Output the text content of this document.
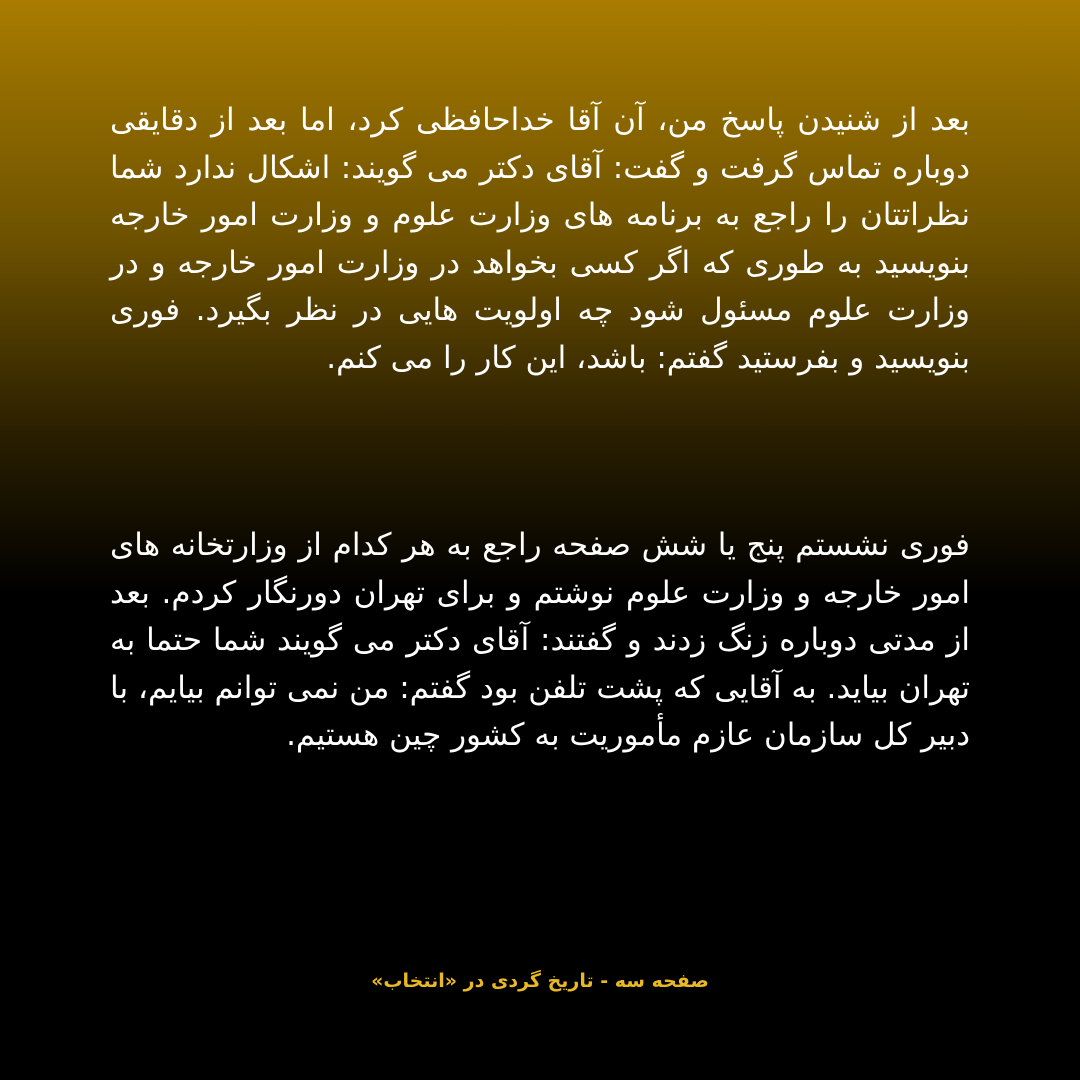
بعد از شنیدن پاسخ من، آن آقا خداحافظی کرد، اما بعد از دقایقی دوباره تماس گرفت و گفت: آقای دکتر می گویند: اشکال ندارد شما نظراتتان را راجع به برنامه های وزارت علوم و وزارت امور خارجه بنویسید به طوری که اگر کسی بخواهد در وزارت امور خارجه و در وزارت علوم مسئول شود چه اولویت هایی در نظر بگیرد. فوری بنویسید و بفرستید گفتم: باشد، این کار را می کنم.
فوری نشستم پنج یا شش صفحه راجع به هر کدام از وزارتخانه های امور خارجه و وزارت علوم نوشتم و برای تهران دورنگار کردم. بعد از مدتی دوباره زنگ زدند و گفتند: آقای دکتر می گویند شما حتما به تهران بیاید. به آقایی که پشت تلفن بود گفتم: من نمی توانم بیایم، با دبیر کل سازمان عازم مأموریت به کشور چین هستیم.
صفحه سه - تاریخ گردی در «انتخاب»
